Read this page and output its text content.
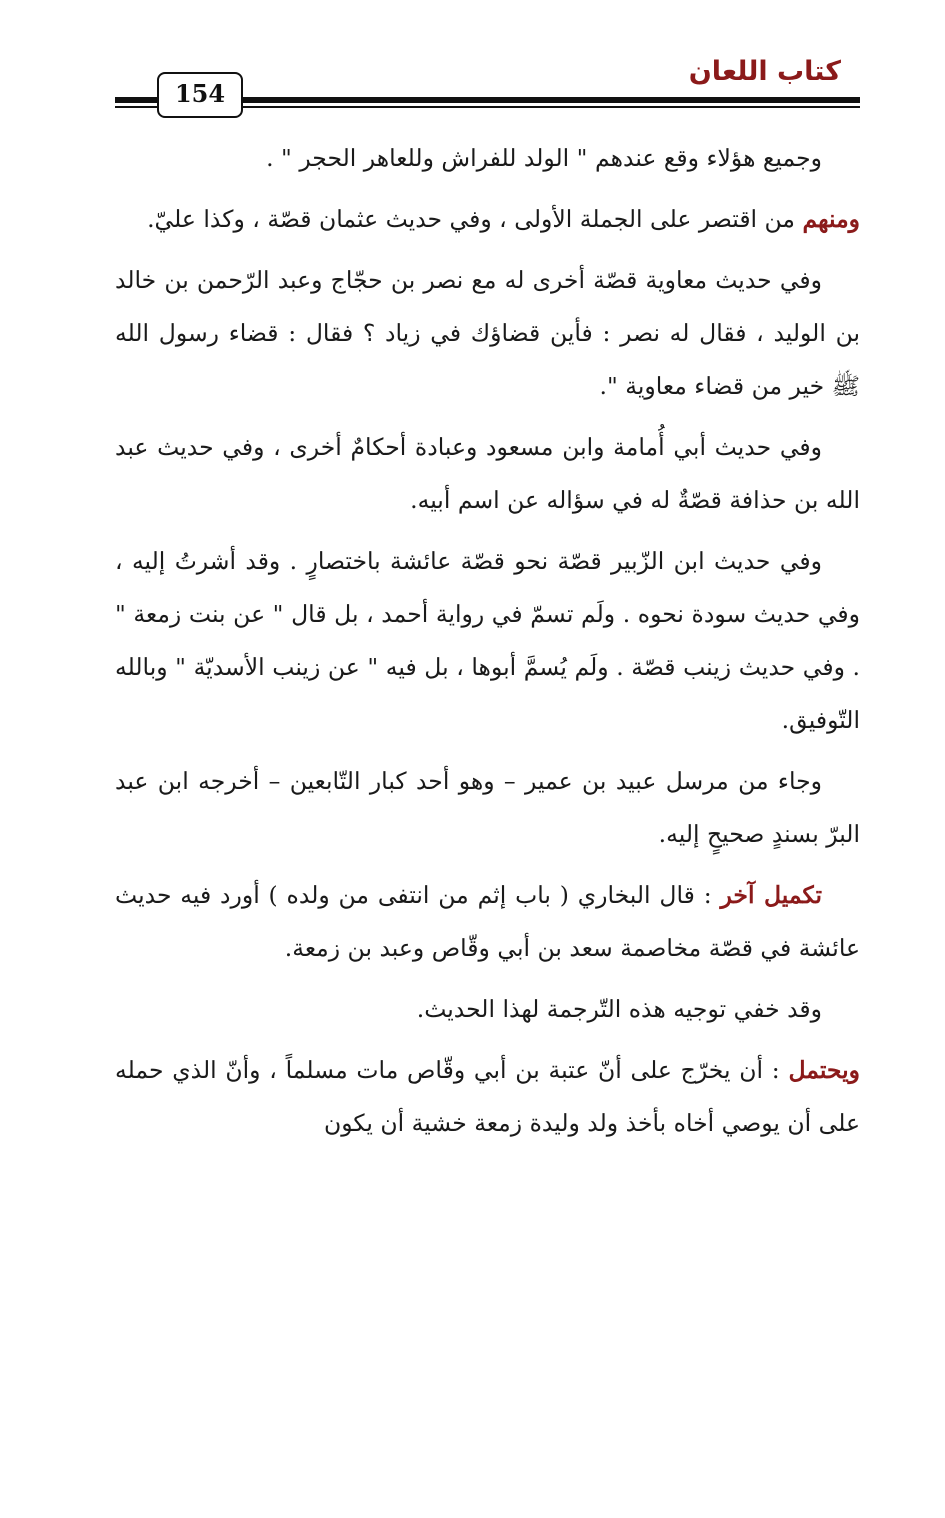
كتاب اللعان
154

وجميع هؤلاء وقع عندهم " الولد للفراش وللعاهر الحجر " .

ومنهم من اقتصر على الجملة الأولى ، وفي حديث عثمان قصّة ، وكذا عليّ.

وفي حديث معاوية قصّة أخرى له مع نصر بن حجّاج وعبد الرّحمن بن خالد بن الوليد ، فقال له نصر : فأين قضاؤك في زياد ؟ فقال : قضاء رسول الله ﷺ خير من قضاء معاوية ".

وفي حديث أبي أُمامة وابن مسعود وعبادة أحكامٌ أخرى ، وفي حديث عبد الله بن حذافة قصّةٌ له في سؤاله عن اسم أبيه.

وفي حديث ابن الزّبير قصّة نحو قصّة عائشة باختصارٍ . وقد أشرتُ إليه ، وفي حديث سودة نحوه . ولَم تسمّ في رواية أحمد ، بل قال " عن بنت زمعة " . وفي حديث زينب قصّة . ولَم يُسمَّ أبوها ، بل فيه " عن زينب الأسديّة " وبالله التّوفيق.

وجاء من مرسل عبيد بن عمير – وهو أحد كبار التّابعين – أخرجه ابن عبد البرّ بسندٍ صحيحٍ إليه.

تكميل آخر : قال البخاري ( باب إثم من انتفى من ولده ) أورد فيه حديث عائشة في قصّة مخاصمة سعد بن أبي وقّاص وعبد بن زمعة.

وقد خفي توجيه هذه التّرجمة لهذا الحديث.

ويحتمل : أن يخرّج على أنّ عتبة بن أبي وقّاص مات مسلماً ، وأنّ الذي حمله على أن يوصي أخاه بأخذ ولد وليدة زمعة خشية أن يكون
